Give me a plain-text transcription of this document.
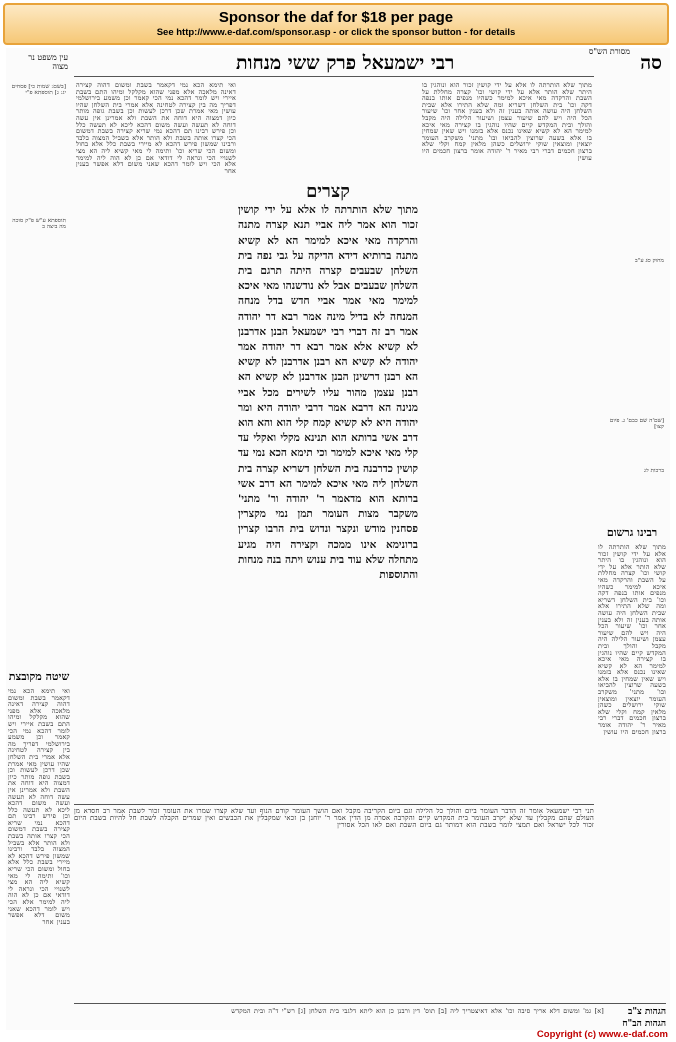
Sponsor the daf for $18 per page
See http://www.e-daf.com/sponsor.asp - or click the sponsor button - for details
עין משפט נר מצוה	רבי ישמעאל פרק ששי מנחות	סה
מסורת הש"ס
[בשם: שמות כי] פסחים יג: ג] תוספתא פ"י
תוספתא ע"ש פ"ק סוכה מה ביצה ב
ואי תימא הכא נמי דקאמר בשבת ומשום דהוה קצירה דאינה מלאכה אלא מפני שהוא מקלקל ומיהו התם בשבת איירי ויש לומר דהכא נמי הכי קאמר וכן משמע בירושלמי דפריך מה בין קצירה לטחינה אלא אמרי בית השלחן שהיו עושין מאי אמרת שכן דרכן לעשות וכן בשבת גופה מותר כיון דמצוה היא דוחה את השבת ולא אמרינן אין עשה דוחה לא תעשה ועשה משום דהכא ליכא לא תעשה כלל וכן פירש רבינו תם דהכא נמי שריא קצירה בשבת דמשום הכי קצרו אותה בשבת ולא הותר אלא בשביל המצוה בלבד ורבינו שמשון פירש דהכא לא מיירי בשבת כלל אלא בחול ומשום הכי שריא וכו' ותימה לי מאי קשיא ליה הא מצי לשנויי הכי ונראה לי דודאי אם כן לא הוה ליה למימר אלא הכי ויש לומר דהכא שאני משום דלא אפשר בענין אחר
שיטה מקובצת
ואי תימא הכא נמי דקאמר בשבת ומשום דהוה קצירה דאינה מלאכה אלא מפני שהוא מקלקל ומיהו התם בשבת איירי ויש לומר דהכא נמי הכי קאמר וכן משמע בירושלמי דפריך מה בין קצירה לטחינה אלא אמרי בית השלחן שהיו עושין מאי אמרת שכן דרכן לעשות וכן בשבת גופה מותר כיון דמצוה היא דוחה את השבת ולא אמרינן אין עשה דוחה לא תעשה ועשה משום דהכא ליכא לא תעשה כלל וכן פירש רבינו תם דהכא נמי שריא קצירה בשבת דמשום הכי קצרו אותה בשבת ולא הותר אלא בשביל המצוה בלבד ורבינו שמשון פירש דהכא לא מיירי בשבת כלל אלא בחול ומשום הכי שריא וכו' ותימה לי מאי קשיא ליה הא מצי לשנויי הכי ונראה לי דודאי אם כן לא הוה ליה למימר אלא הכי ויש לומר דהכא שאני משום דלא אפשר בענין אחר
קצרים
מתוך שלא הותרתה לו אלא על ידי קושין זכור הוא אמר ליה אביי תנא קצרה מתנה והרקדה מאי איכא למימר הא לא קשיא מתנה ברותיא דידא הדיקה על גבי נפה בית השלחן שבעבים קצרה היתה תרגם בית השלחן שבעבים אבל לא נודשנהו מאי איכא למימר מאי אמר אביי חדש בדל מנחה המנחה לא בדיל מינה אמר רבא דר יהודה אמר רב זה דברי רבי ישמעאל הבנן אדרבנן לא קשיא אלא אמר רבא דר יהודה אמר יהודה לא קשיא הא רבנן אדרבנן לא קשיא הא רבנן דרשינן הבנן אדרבנן לא קשיא הא רבנן עצמן מהור עליו לשירים מכל אביי מנינה הא דרבא אמר דרבי יהודה היא ומר יהודה היא לא קשיא קמח קלי הוא והא הוא דרב אשי ברותא הוא תנינא מקלי ואקלי עד קלי מאי איכא למימר וכי תימא הכא נמי עד קושין כדרבנה בית השלחן דשריא קצרה בית השלחן ליה מאי איכא למימר הא דרב אשי ברותא הוא מדאמר ר' יהודה ור' מתני' משקבר מצות העומר תמן נמי מקצרין פסחנין מודש ונקצר ונדוש בית הרבו קצרין ברונימא אינו ממכה וקצירה היה מגיע מתחלה שלא עוד בית ענוש ויתה בנה מנחות והתוספות
מתוך שלא הותרתה לו אלא על ידי קושין זכור הוא ונוהגין בו היתר שלא הותר אלא על ידי קושי וכו' קצרה מחללת על השבת והרקדה מאי איכא למימר כשהיו מנפים אותו בנפה דקה וכו' בית השלחן דשריא ומה שלא התירו אלא שבית השלחן היה עושה אותה בענין זה ולא בענין אחר וכו' שיעור הכל היה ויש להם שיעור עצמן ושיעור הלילה היה מקבל והולך ובית המקדש קיים שהיו נוהגין בו קצירה מאי איכא למימר הא לא קשיא שאינו נכנס אלא בזמנו ויש שאין שמחין בו אלא בשעה שרוצין להביאו ובו' מתני' משקרב העומר יוצאין ומוצאין שוקי ירושלים כשהן מלאין קמח וקלי שלא ברצון חכמים דברי רבי מאיר ר' יהודה אומר ברצון חכמים היו עושין
מחוק סג ע"ב
[שם'ה שם כבם' ג. פיום קצו]
ברכות לג
רבינו גרשום
מתוך שלא הותרתה לו אלא על ידי קושין זכור הוא ונוהגין בו היתר שלא הותר אלא על ידי קושי וכו' קצרה מחללת על השבת והרקדה מאי איכא למימר כשהיו מנפים אותו בנפה דקה וכו' בית השלחן דשריא ומה שלא התירו אלא שבית השלחן היה עושה אותה בענין זה ולא בענין אחר וכו' שיעור הכל היה ויש להם שיעור עצמן ושיעור הלילה היה מקבל והולך ובית המקדש קיים שהיו נוהגין בו קצירה מאי איכא למימר הא לא קשיא שאינו נכנס אלא בזמנו ויש שאין שמחין בו אלא בשעה שרוצין להביאו ובו' מתני' משקרב העומר יוצאין ומוצאין שוקי ירושלים כשהן מלאין קמח וקלי שלא ברצון חכמים דברי רבי מאיר ר' יהודה אומר ברצון חכמים היו עושין
תני רבי ישמעאל אומר זה הדבר העומר ביום והולך כל הלילה וגם ביום הקריבה מקבל ואם הושך העומר קודם הנוף ועד שלא קצרו שמרו את העומר זכור לשבת אמר רב חסדא מן העולם שהם מקבלין עד שלא יקרב העומר בית המקדש קיים והקרבה אסרה מן הדין אמר ר' יוחנן בן זכאי שמקבלין את הכבשים ואין שמרים הקבלה לשבת חל להיות בשבת היום זכור לכל ישראל ואם תמצי לומר בשבת הוא דמותר גם ביום השבת ואם לאו הכל אסורין
הגהות צ"ב
הגהות הב"ח
[א] גמ' ומשום דלא אריך סיבה וכו' אלא דאיצטריך ליה [ב] תוס' דין ורבנן כן הוא ליתא דלגבי בית השלחן [ג] רש"י ד"ה ובית המקדש
Copyright (c) www.e-daf.com
